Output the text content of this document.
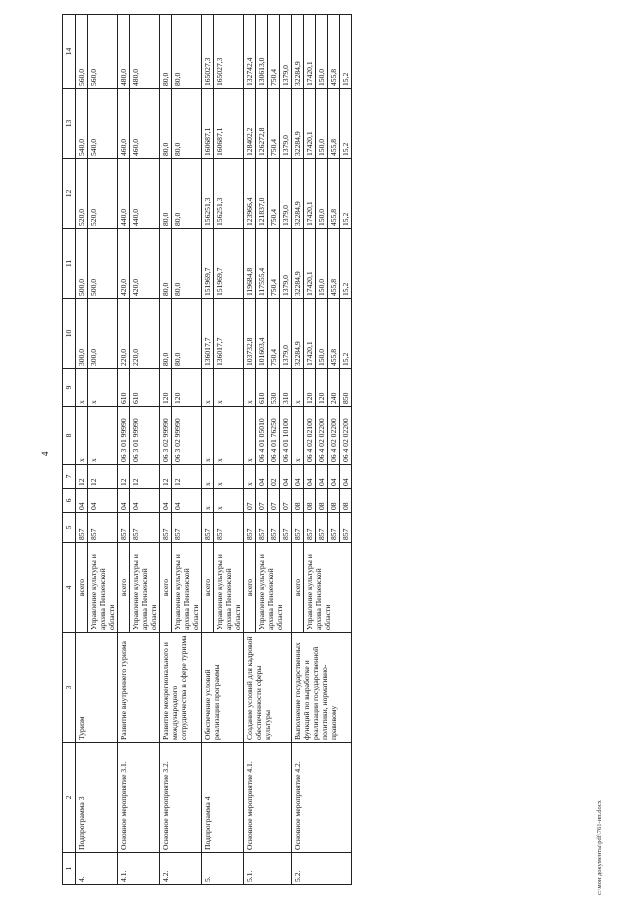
4
c:\мои документы\pdf\761-ип.docx
1	2	3	4	5	6	7	8	9	10	11	12	13	14
4.	Подпрограмма 3	Туризм	всего	857	04	12	х	х	300,0	500,0	520,0	540,0	560,0
			Управление культуры и архива Пензенской области	857	04	12	х	х	300,0	500,0	520,0	540,0	560,0
4.1.	Основное мероприятие 3.1.	Развитие внутреннего туризма	всего	857	04	12	06 3 01 99990	610	220,0	420,0	440,0	460,0	480,0
			Управление культуры и архива Пензенской области	857	04	12	06 3 01 99990	610	220,0	420,0	440,0	460,0	480,0
4.2.	Основное мероприятие 3.2.	Развитие межрегионального и международного сотрудничества в сфере туризма	всего	857	04	12	06 3 02 99990	120	80,0	80,0	80,0	80,0	80,0
			Управление культуры и архива Пензенской области	857	04	12	06 3 02 99990	120	80,0	80,0	80,0	80,0	80,0
5.	Подпрограмма 4	Обеспечение условий реализации программы	всего	857	х	х	х	х	136017,7	151969,7	156251,3	160687,1	165027,3
			Управление культуры и архива Пензенской области	857	х	х	х	х	136017,7	151969,7	156251,3	160687,1	165027,3
5.1.	Основное мероприятие 4.1.	Создание условий для кадровой обеспеченности сферы культуры	всего	857	07	х	х	х	103732,8	119684,8	123966,4	128402,2	132742,4
			Управление культуры и архива Пензенской области	857	07	04	06 4 01 05010	610	101603,4	117555,4	121837,0	126272,8	130613,0
				857	07	02	06 4 01 76250	530	750,4	750,4	750,4	750,4	750,4
				857	07	04	06 4 01 10100	310	1379,0	1379,0	1379,0	1379,0	1379,0
5.2.	Основное мероприятие 4.2.	Выполнение государственных функций по выработке и реализации государственной политики, нормативно-правовому	всего	857	08	04	х	х	32284,9	32284,9	32284,9	32284,9	32284,9
			Управление культуры и архива Пензенской области	857	08	04	06 4 02 02100	120	17420,1	17420,1	17420,1	17420,1	17420,1
				857	08	04	06 4 02 02200	120	150,0	150,0	150,0	150,0	150,0
				857	08	04	06 4 02 02200	240	455,8	455,8	455,8	455,8	455,8
				857	08	04	06 4 02 02200	850	15,2	15,2	15,2	15,2	15,2
